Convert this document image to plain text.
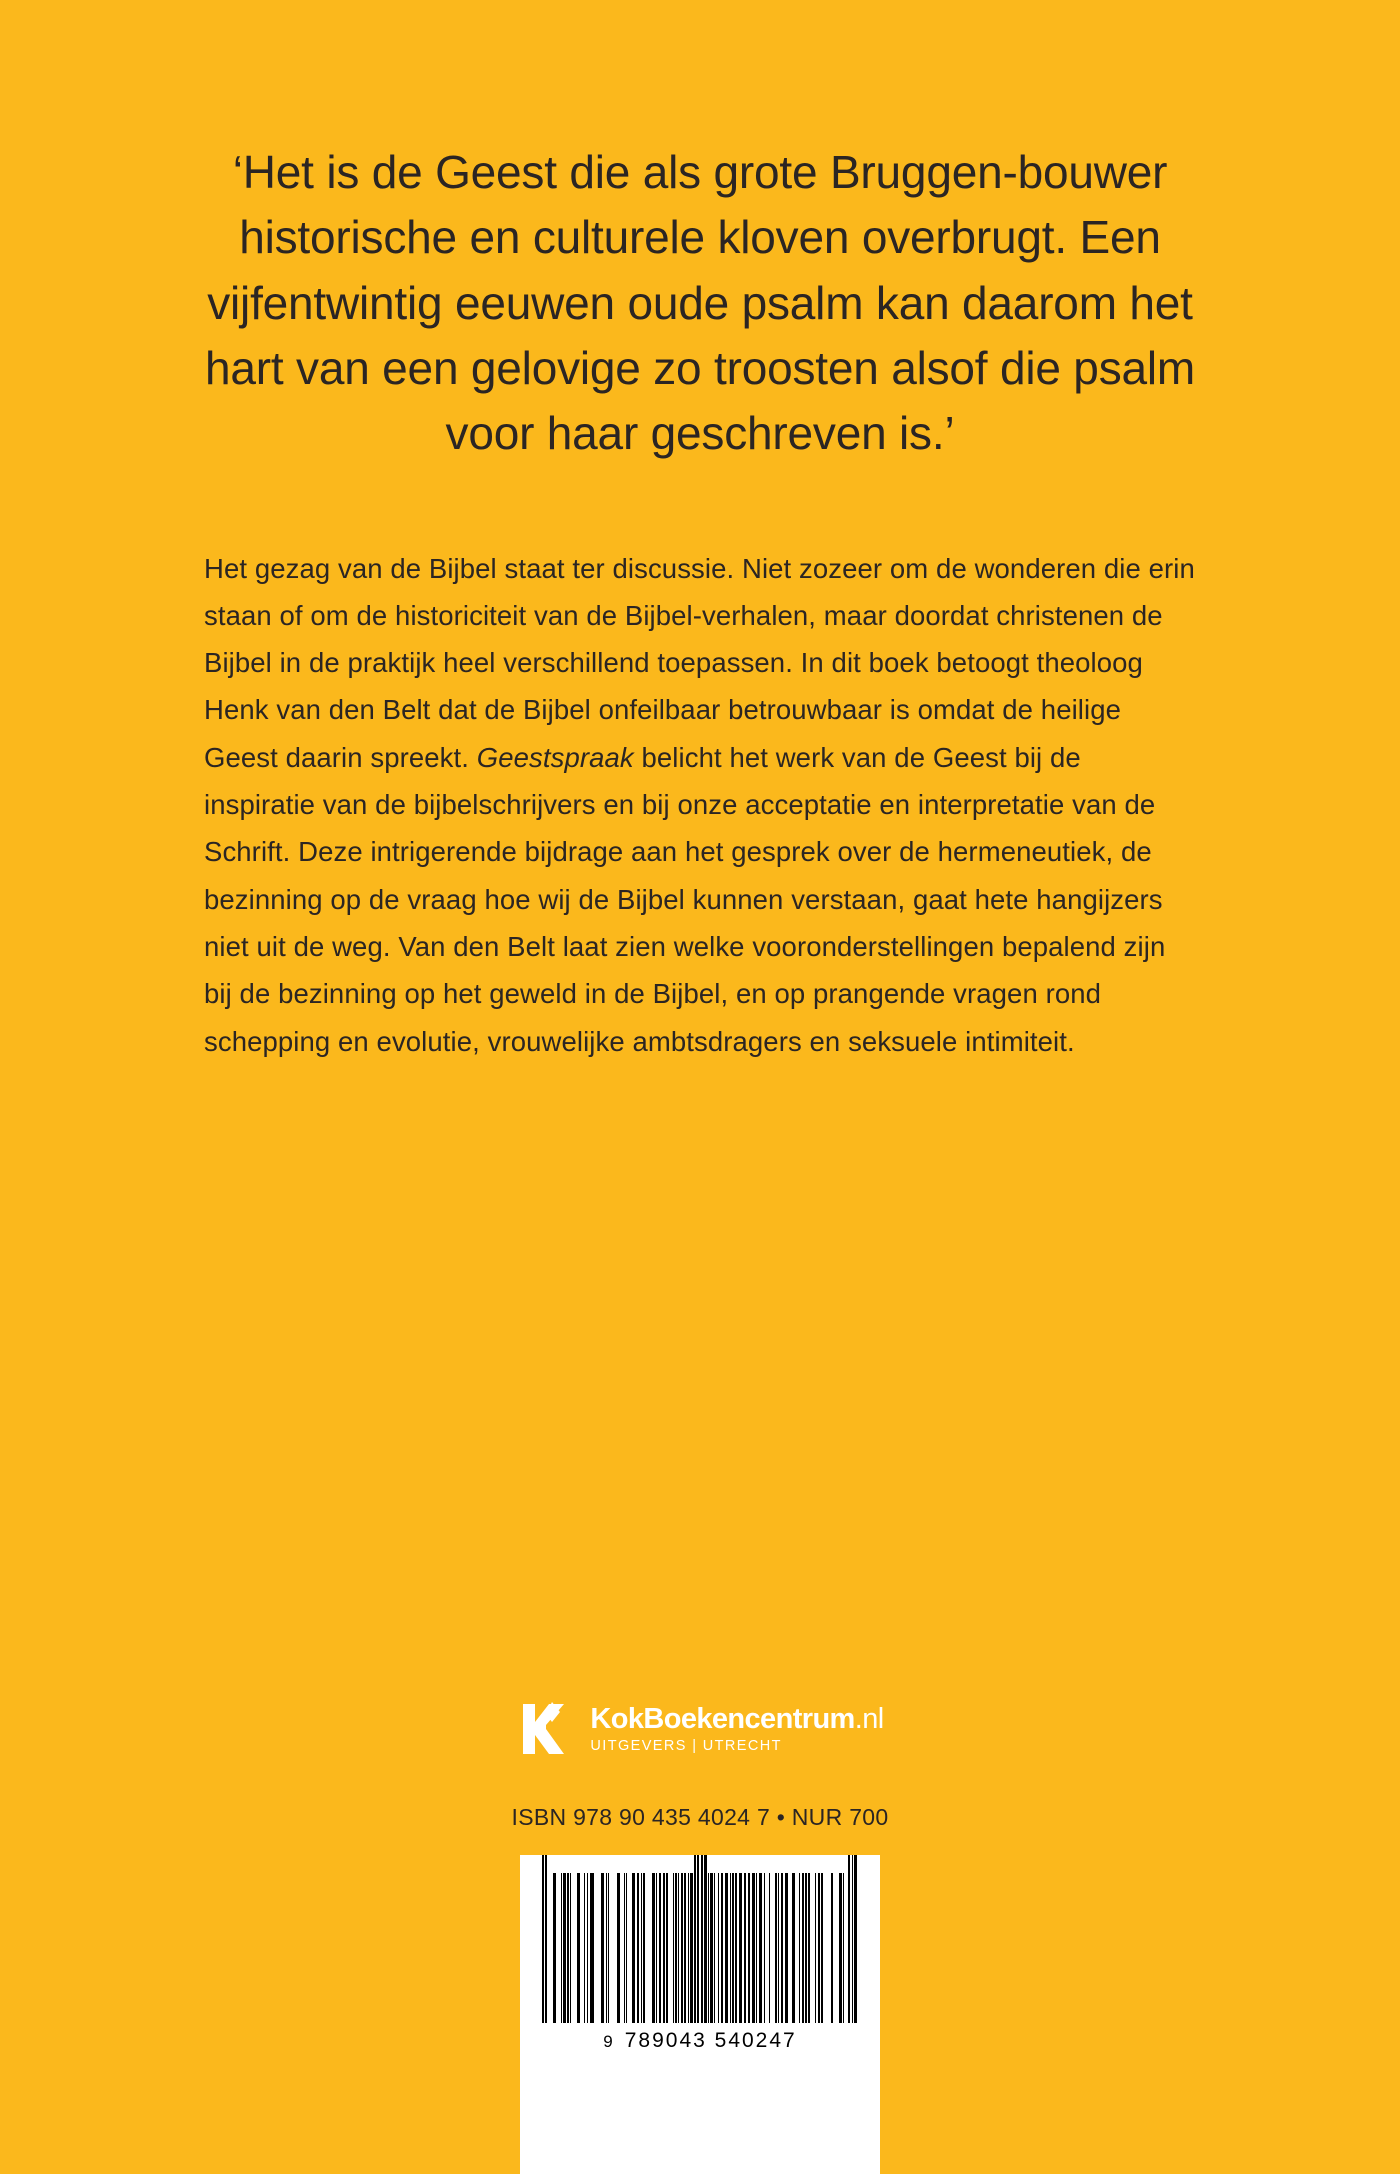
‘Het is de Geest die als grote Bruggen-bouwer historische en culturele kloven overbrugt. Een vijfentwintig eeuwen oude psalm kan daarom het hart van een gelovige zo troosten alsof die psalm voor haar geschreven is.’
Het gezag van de Bijbel staat ter discussie. Niet zozeer om de wonderen die erin staan of om de historiciteit van de Bijbel-verhalen, maar doordat christenen de Bijbel in de praktijk heel verschillend toepassen. In dit boek betoogt theoloog Henk van den Belt dat de Bijbel onfeilbaar betrouwbaar is omdat de heilige Geest daarin spreekt. Geestspraak belicht het werk van de Geest bij de inspiratie van de bijbelschrijvers en bij onze acceptatie en interpretatie van de Schrift. Deze intrigerende bijdrage aan het gesprek over de hermeneutiek, de bezinning op de vraag hoe wij de Bijbel kunnen verstaan, gaat hete hangijzers niet uit de weg. Van den Belt laat zien welke vooronderstellingen bepalend zijn bij de bezinning op het geweld in de Bijbel, en op prangende vragen rond schepping en evolutie, vrouwelijke ambtsdragers en seksuele intimiteit.
KokBoekencentrum.nl
UITGEVERS | UTRECHT
ISBN 978 90 435 4024 7 • NUR 700
9 789043 540247
